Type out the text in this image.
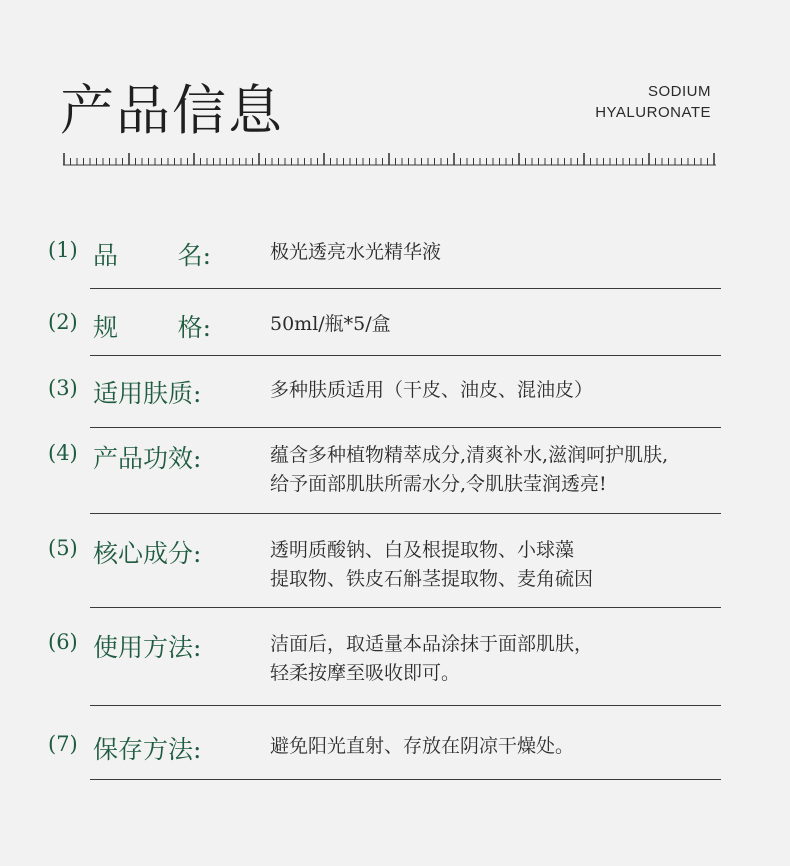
产品信息	SODIUM
HYALURONATE
(1) 品 名:	极光透亮水光精华液
(2) 规 格:	50ml/瓶*5/盒
(3) 适用肤质:	多种肤质适用（干皮、油皮、混油皮）
(4) 产品功效:	蕴含多种植物精萃成分,清爽补水,滋润呵护肌肤,
给予面部肌肤所需水分,令肌肤莹润透亮!
(5) 核心成分:	透明质酸钠、白及根提取物、小球藻
提取物、铁皮石斛茎提取物、麦角硫因
(6) 使用方法:	洁面后，取适量本品涂抹于面部肌肤，
轻柔按摩至吸收即可。
(7) 保存方法:	避免阳光直射、存放在阴凉干燥处。
